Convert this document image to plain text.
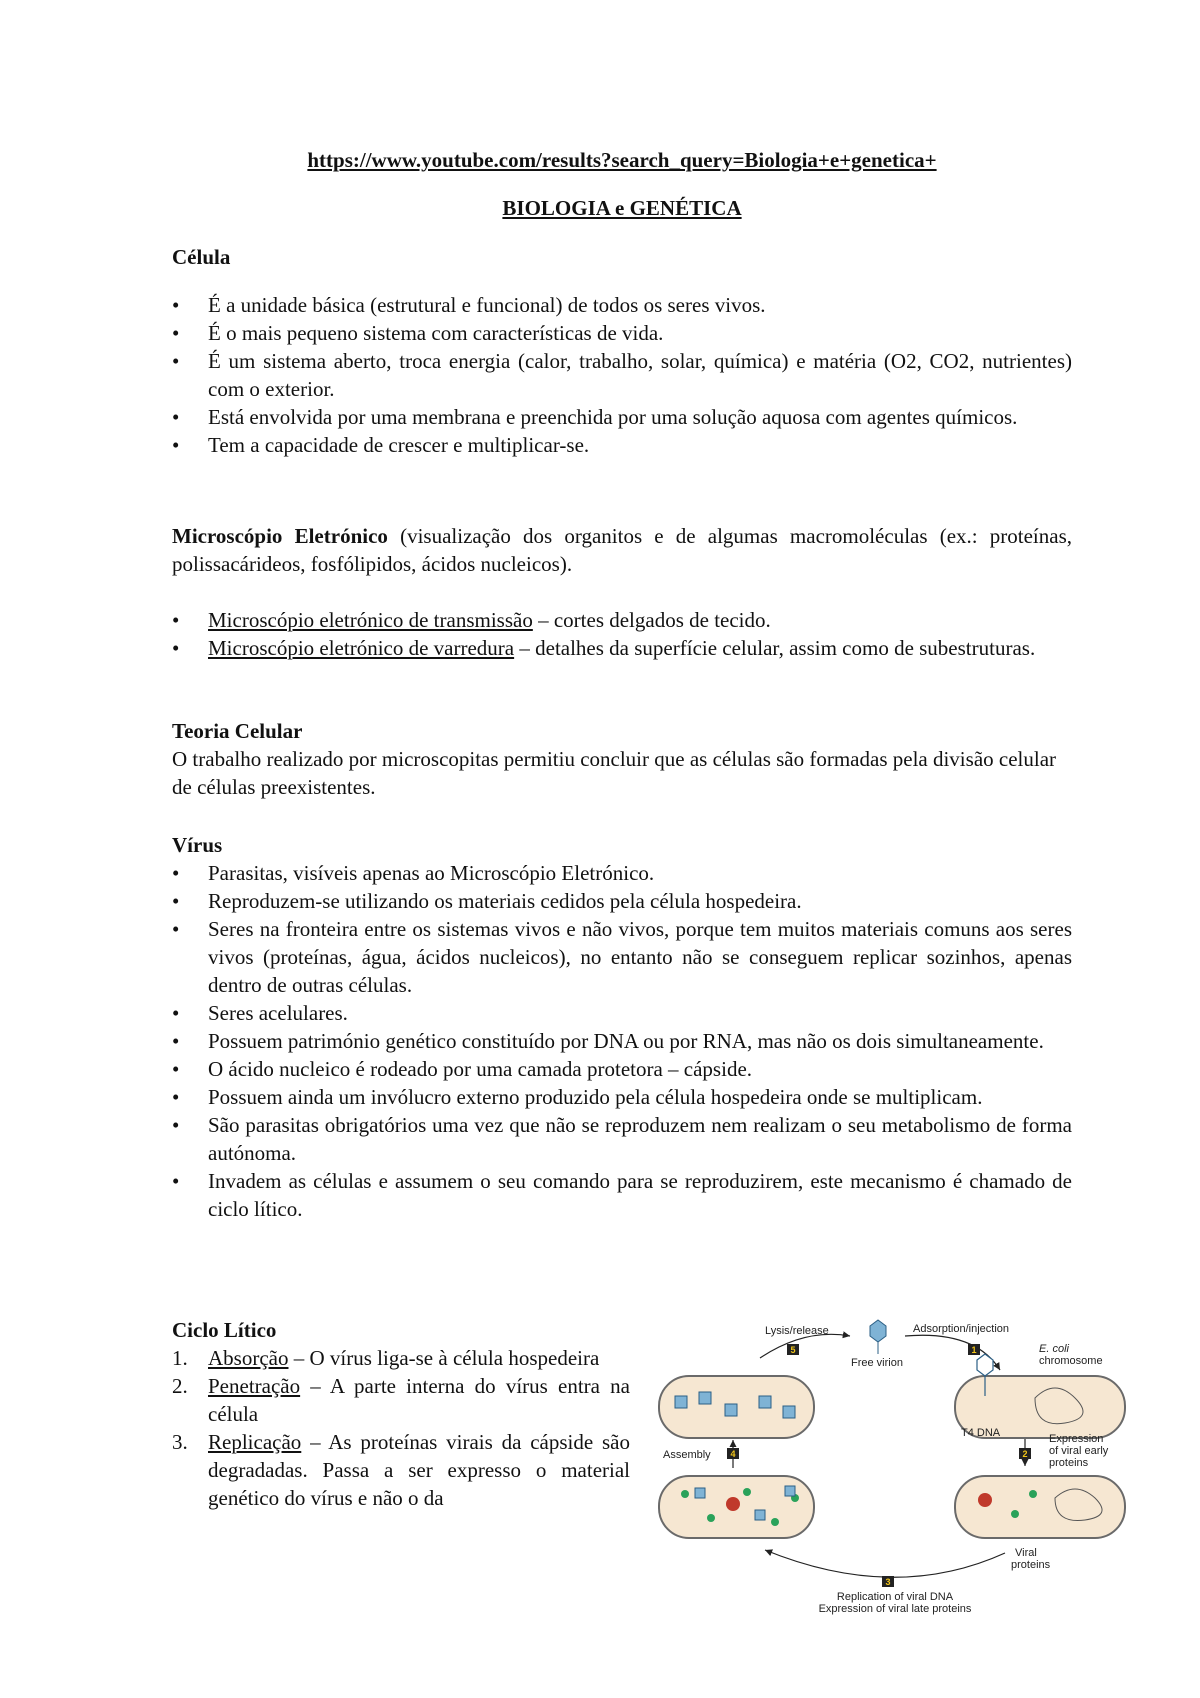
https://www.youtube.com/results?search_query=Biologia+e+genetica+
BIOLOGIA e GENÉTICA
Célula
• É a unidade básica (estrutural e funcional) de todos os seres vivos.
• É o mais pequeno sistema com características de vida.
• É um sistema aberto, troca energia (calor, trabalho, solar, química) e matéria (O2, CO2, nutrientes) com o exterior.
• Está envolvida por uma membrana e preenchida por uma solução aquosa com agentes químicos.
• Tem a capacidade de crescer e multiplicar-se.
Microscópio Eletrónico (visualização dos organitos e de algumas macromoléculas (ex.: proteínas, polissacárideos, fosfólipidos, ácidos nucleicos).
• Microscópio eletrónico de transmissão – cortes delgados de tecido.
• Microscópio eletrónico de varredura – detalhes da superfície celular, assim como de subestruturas.
Teoria Celular
O trabalho realizado por microscopitas permitiu concluir que as células são formadas pela divisão celular de células preexistentes.
Vírus
• Parasitas, visíveis apenas ao Microscópio Eletrónico.
• Reproduzem-se utilizando os materiais cedidos pela célula hospedeira.
• Seres na fronteira entre os sistemas vivos e não vivos, porque tem muitos materiais comuns aos seres vivos (proteínas, água, ácidos nucleicos), no entanto não se conseguem replicar sozinhos, apenas dentro de outras células.
• Seres acelulares.
• Possuem património genético constituído por DNA ou por RNA, mas não os dois simultaneamente.
• O ácido nucleico é rodeado por uma camada protetora – cápside.
• Possuem ainda um invólucro externo produzido pela célula hospedeira onde se multiplicam.
• São parasitas obrigatórios uma vez que não se reproduzem nem realizam o seu metabolismo de forma autónoma.
• Invadem as células e assumem o seu comando para se reproduzirem, este mecanismo é chamado de ciclo lítico.
Ciclo Lítico
1. Absorção – O vírus liga-se à célula hospedeira
2. Penetração – A parte interna do vírus entra na célula
3. Replicação – As proteínas virais da cápside são degradadas. Passa a ser expresso o material genético do vírus e não o da
5	1
2
3
4
Lysis/release	Adsorption/injection
Free virion
E. coli
chromosome
T4 DNA
Assembly
Expression
of viral early
proteins
Viral
proteins
Replication of viral DNA
Expression of viral late proteins
